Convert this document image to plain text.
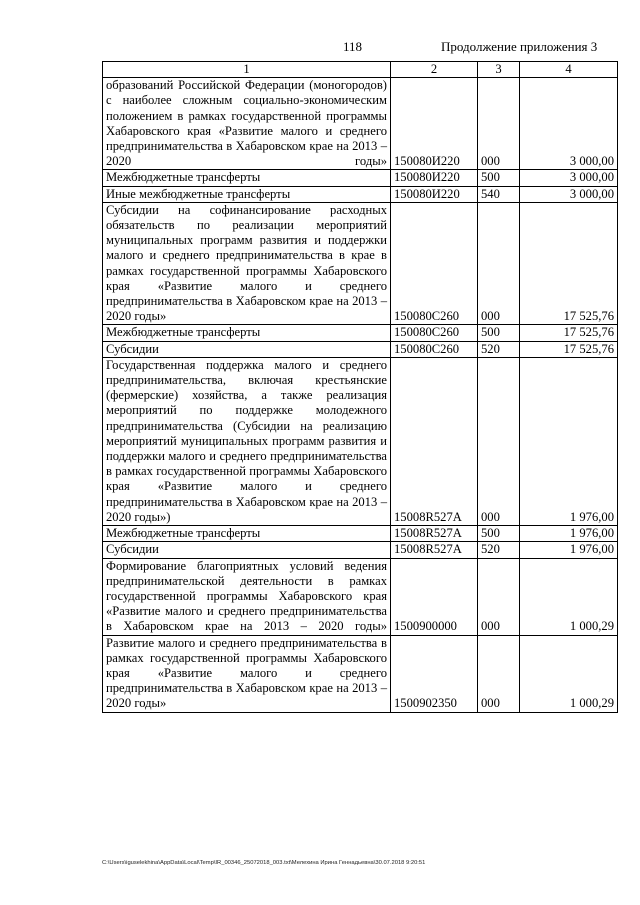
118	Продолжение приложения 3
1	2	3	4
образований Российской Федерации (моногородов) с наиболее сложным социально-экономическим положением в рамках государственной программы Хабаровского края «Развитие малого и среднего предпринимательства в Хабаровском крае на 2013 – 2020 годы»	150080И220	000	3 000,00
Межбюджетные трансферты	150080И220	500	3 000,00
Иные межбюджетные трансферты	150080И220	540	3 000,00
Субсидии на софинансирование расходных обязательств по реализации мероприятий муниципальных программ развития и поддержки малого и среднего предпринимательства в крае в рамках государственной программы Хабаровского края «Развитие малого и среднего предпринимательства в Хабаровском крае на 2013 – 2020 годы»	150080С260	000	17 525,76
Межбюджетные трансферты	150080С260	500	17 525,76
Субсидии	150080С260	520	17 525,76
Государственная поддержка малого и среднего предпринимательства, включая крестьянские (фермерские) хозяйства, а также реализация мероприятий по поддержке молодежного предпринимательства (Субсидии на реализацию мероприятий муниципальных программ развития и поддержки малого и среднего предпринимательства в рамках государственной программы Хабаровского края «Развитие малого и среднего предпринимательства в Хабаровском крае на 2013 – 2020 годы»)	15008R527A	000	1 976,00
Межбюджетные трансферты	15008R527A	500	1 976,00
Субсидии	15008R527A	520	1 976,00
Формирование благоприятных условий ведения предпринимательской деятельности в рамках государственной программы Хабаровского края «Развитие малого и среднего предпринимательства в Хабаровском крае на 2013 – 2020 годы»	1500900000	000	1 000,29
Развитие малого и среднего предпринимательства в рамках государственной программы Хабаровского края «Развитие малого и среднего предпринимательства в Хабаровском крае на 2013 – 2020 годы»	1500902350	000	1 000,29
C:\Users\iguselekhina\AppData\Local\Temp\IR_00346_25072018_003.txt\Мелехина Ирина Геннадьевна\30.07.2018 9:20:51
